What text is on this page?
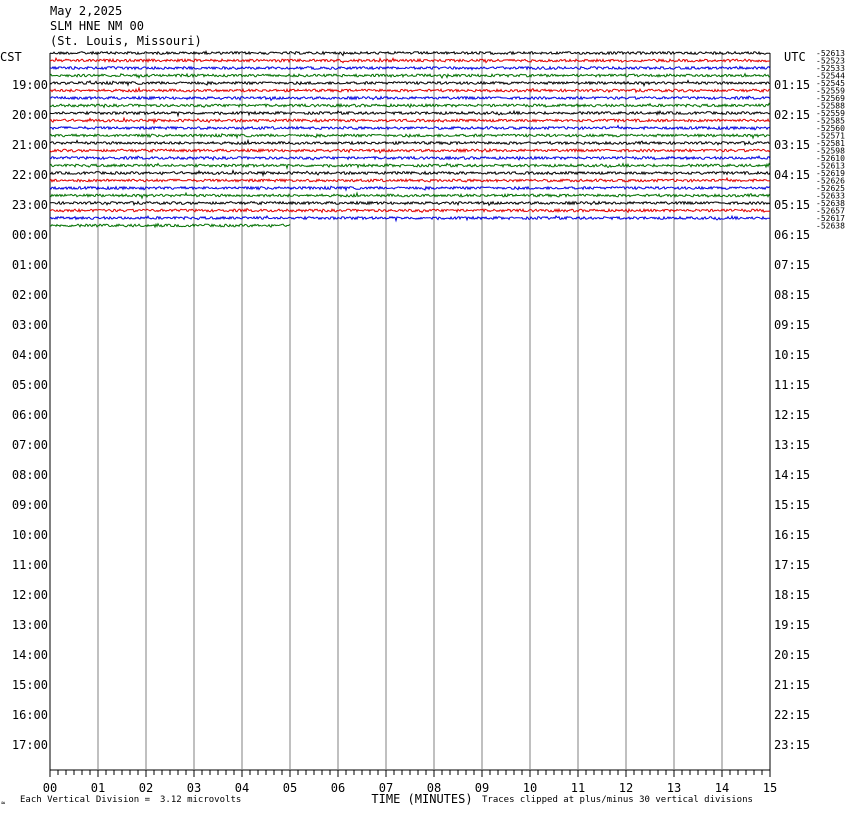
May 2,2025
SLM HNE NM 00
(St. Louis, Missouri)
00	01	02	03	04	05	06	07	08	09	10	11	12	13	14	15
TIME (MINUTES)
CST	UTC
19:00
20:00
21:00
22:00
23:00
00:00
01:00
02:00
03:00
04:00
05:00
06:00
07:00
08:00
09:00
10:00
11:00
12:00
13:00
14:00
15:00
16:00
17:00
01:15
02:15
03:15
04:15
05:15
06:15
07:15
08:15
09:15
10:15
11:15
12:15
13:15
14:15
15:15
16:15
17:15
18:15
19:15
20:15
21:15
22:15
23:15
-52613
-52523
-52533
-52544
-52545
-52559
-52569
-52588
-52559
-52585
-52560
-52571
-52581
-52598
-52610
-52613
-52619
-52626
-52625
-52633
-52638
-52657
-52617
-52638
≈ Each Vertical Division = 3.12 microvolts	Traces clipped at plus/minus 30 vertical divisions
